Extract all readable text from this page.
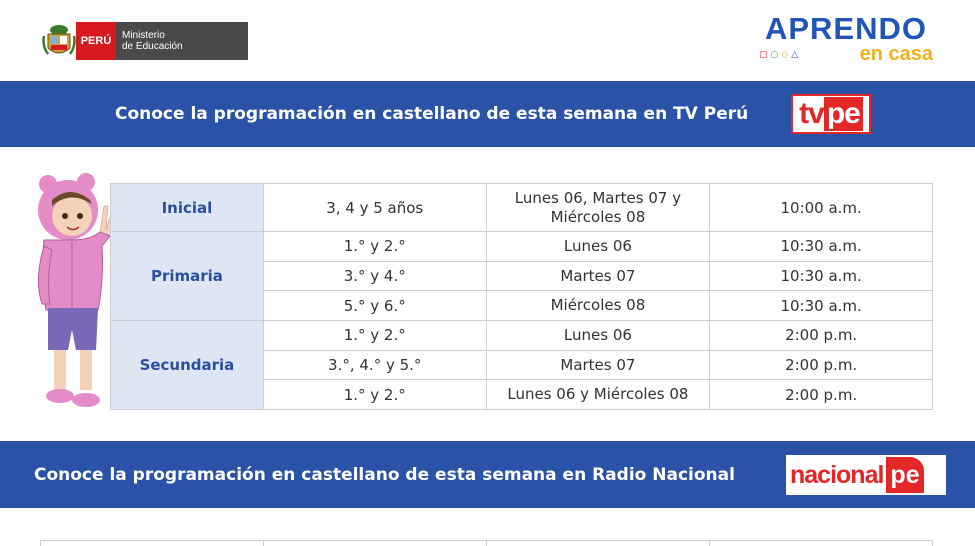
PERÚ	Ministerio
de Educación
APRENDO
▢○◇△	en casa
Conoce la programación en castellano de esta semana en TV Perú tv pe
Inicial	3, 4 y 5 años	Lunes 06, Martes 07 y Miércoles 08	10:00 a.m.
Primaria	1.° y 2.°	Lunes 06	10:30 a.m.
	3.° y 4.°	Martes 07	10:30 a.m.
	5.° y 6.°	Miércoles 08	10:30 a.m.
Secundaria	1.° y 2.°	Lunes 06	2:00 p.m.
	3.°, 4.° y 5.°	Martes 07	2:00 p.m.
	1.° y 2.°	Lunes 06 y Miércoles 08	2:00 p.m.
Conoce la programación en castellano de esta semana en Radio Nacional nacional pe
